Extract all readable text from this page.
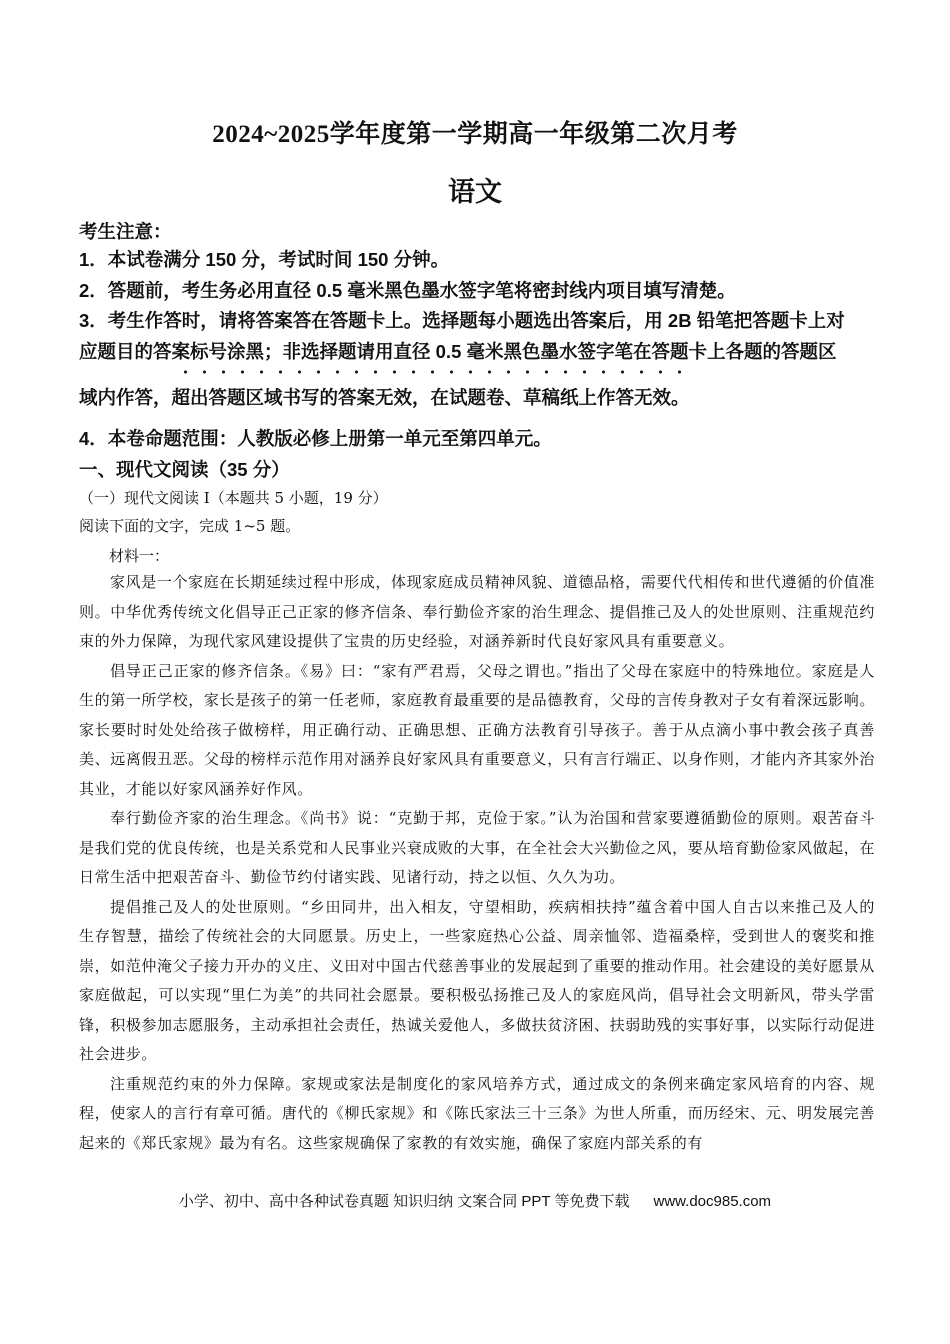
2024~2025学年度第一学期高一年级第二次月考
语文
考生注意：
1．本试卷满分 150 分，考试时间 150 分钟。
2．答题前，考生务必用直径 0.5 毫米黑色墨水签字笔将密封线内项目填写清楚。
3．考生作答时，请将答案答在答题卡上。选择题每小题选出答案后，用 2B 铅笔把答题卡上对
应题目的答案标号涂黑；非选择题请用直径 0.5 毫米黑色墨水签字笔在答题卡上各题的答题区
域内作答，超出答题区域书写的答案无效，在试题卷、草稿纸上作答无效。
4．本卷命题范围：人教版必修上册第一单元至第四单元。
一、现代文阅读（35 分）
（一）现代文阅读 I（本题共 5 小题，19 分）
阅读下面的文字，完成 1~5 题。
材料一：

家风是一个家庭在长期延续过程中形成，体现家庭成员精神风貌、道德品格，需要代代相传和世代遵循的价值准则。中华优秀传统文化倡导正己正家的修齐信条、奉行勤俭齐家的治生理念、提倡推己及人的处世原则、注重规范约束的外力保障，为现代家风建设提供了宝贵的历史经验，对涵养新时代良好家风具有重要意义。

倡导正己正家的修齐信条。《易》曰：“家有严君焉，父母之谓也。”指出了父母在家庭中的特殊地位。家庭是人生的第一所学校，家长是孩子的第一任老师，家庭教育最重要的是品德教育，父母的言传身教对子女有着深远影响。家长要时时处处给孩子做榜样，用正确行动、正确思想、正确方法教育引导孩子。善于从点滴小事中教会孩子真善美、远离假丑恶。父母的榜样示范作用对涵养良好家风具有重要意义，只有言行端正、以身作则，才能内齐其家外治其业，才能以好家风涵养好作风。

奉行勤俭齐家的治生理念。《尚书》说：“克勤于邦，克俭于家。”认为治国和营家要遵循勤俭的原则。艰苦奋斗是我们党的优良传统，也是关系党和人民事业兴衰成败的大事，在全社会大兴勤俭之风，要从培育勤俭家风做起，在日常生活中把艰苦奋斗、勤俭节约付诸实践、见诸行动，持之以恒、久久为功。

提倡推己及人的处世原则。“乡田同井，出入相友，守望相助，疾病相扶持”蕴含着中国人自古以来推己及人的生存智慧，描绘了传统社会的大同愿景。历史上，一些家庭热心公益、周亲恤邻、造福桑梓，受到世人的褒奖和推崇，如范仲淹父子接力开办的义庄、义田对中国古代慈善事业的发展起到了重要的推动作用。社会建设的美好愿景从家庭做起，可以实现“里仁为美”的共同社会愿景。要积极弘扬推己及人的家庭风尚，倡导社会文明新风，带头学雷锋，积极参加志愿服务，主动承担社会责任，热诚关爱他人，多做扶贫济困、扶弱助残的实事好事，以实际行动促进社会进步。

注重规范约束的外力保障。家规或家法是制度化的家风培养方式，通过成文的条例来确定家风培育的内容、规程，使家人的言行有章可循。唐代的《柳氏家规》和《陈氏家法三十三条》为世人所重，而历经宋、元、明发展完善起来的《郑氏家规》最为有名。这些家规确保了家教的有效实施，确保了家庭内部关系的有

小学、初中、高中各种试卷真题 知识归纳 文案合同 PPT 等免费下载 www.doc985.com
